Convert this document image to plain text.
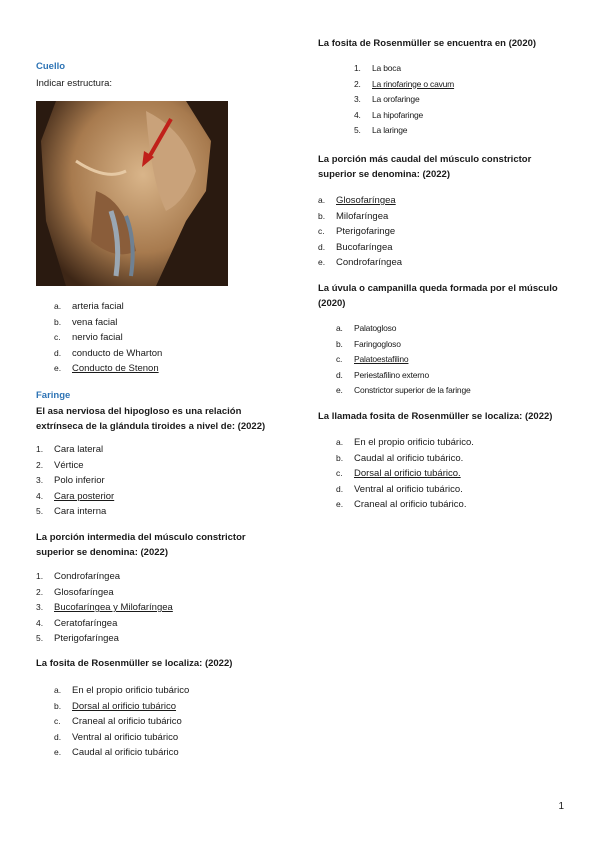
Cuello
Indicar estructura:
a. arteria facial
b. vena facial
c. nervio facial
d. conducto de Wharton
e. Conducto de Stenon
Faringe
El asa nerviosa del hipogloso es una relación extrínseca de la glándula tiroides a nivel de: (2022)
1. Cara lateral
2. Vértice
3. Polo inferior
4. Cara posterior
5. Cara interna
La porción intermedia del músculo constrictor superior se denomina: (2022)
1. Condrofaríngea
2. Glosofaríngea
3. Bucofaríngea y Milofaríngea
4. Ceratofaríngea
5. Pterigofaríngea
La fosita de Rosenmüller se localiza: (2022)
a. En el propio orificio tubárico
b. Dorsal al orificio tubárico
c. Craneal al orificio tubárico
d. Ventral al orificio tubárico
e. Caudal al orificio tubárico
La fosita de Rosenmüller se encuentra en (2020)
1. La boca
2. La rinofaringe o cavum
3. La orofaringe
4. La hipofaringe
5. La laringe
La porción más caudal del músculo constrictor superior se denomina: (2022)
a. Glosofaríngea
b. Milofaríngea
c. Pterigofaringe
d. Bucofaríngea
e. Condrofaríngea
La úvula o campanilla queda formada por el músculo (2020)
a. Palatogloso
b. Faringogloso
c. Palatoestafilino
d. Periestafilino externo
e. Constrictor superior de la faringe
La llamada fosita de Rosenmüller se localiza: (2022)
a. En el propio orificio tubárico.
b. Caudal al orificio tubárico.
c. Dorsal al orificio tubárico.
d. Ventral al orificio tubárico.
e. Craneal al orificio tubárico.
1
